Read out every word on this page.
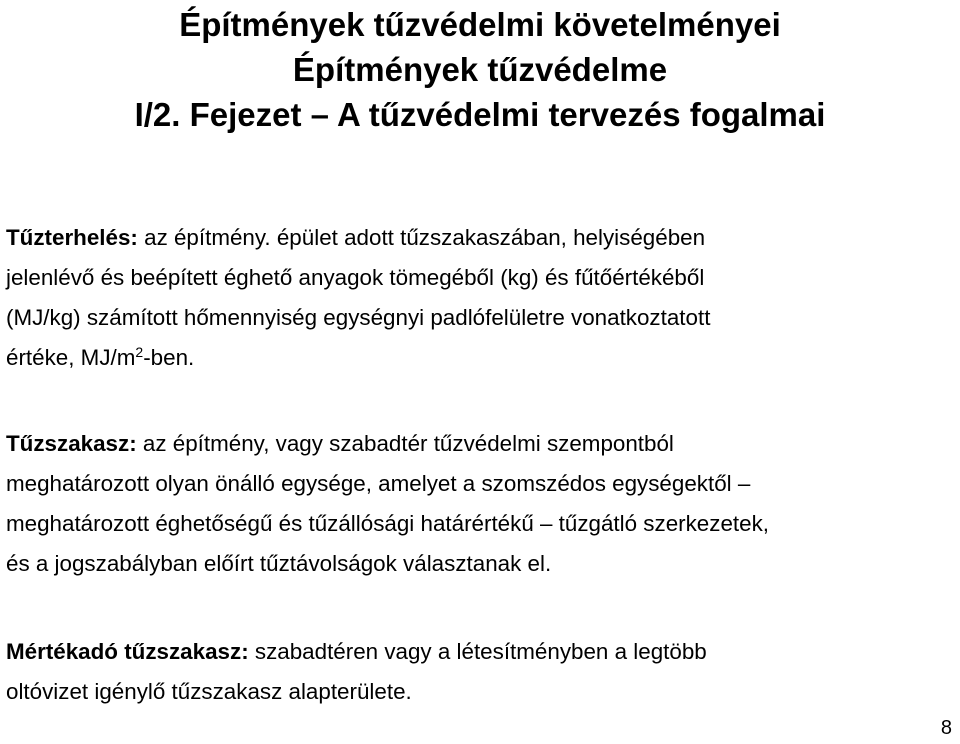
Építmények tűzvédelmi követelményei
Építmények tűzvédelme
I/2. Fejezet – A tűzvédelmi tervezés fogalmai
Tűzterhelés: az építmény. épület adott tűzszakaszában, helyiségében
jelenlévő és beépített éghető anyagok tömegéből (kg) és fűtőértékéből
(MJ/kg) számított hőmennyiség egységnyi padlófelületre vonatkoztatott
értéke, $MJ/m^2$-ben.
Tűzszakasz: az építmény, vagy szabadtér tűzvédelmi szempontból
meghatározott olyan önálló egysége, amelyet a szomszédos egységektől –
meghatározott éghetőségű és tűzállósági határértékű – tűzgátló szerkezetek,
és a jogszabályban előírt tűztávolságok választanak el.
Mértékadó tűzszakasz: szabadtéren vagy a létesítményben a legtöbb
oltóvizet igénylő tűzszakasz alapterülete.
8
